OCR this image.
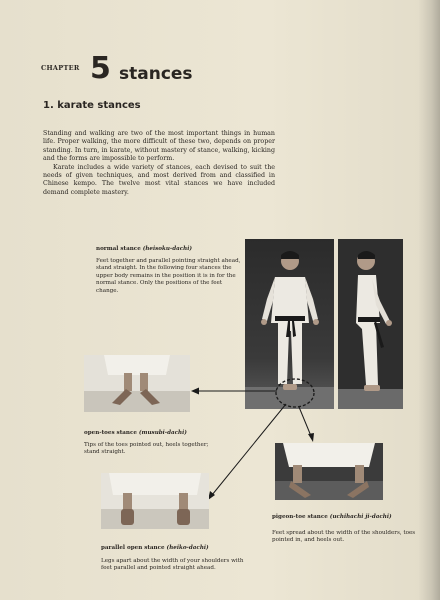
CHAPTER 5 stances
1. karate stances

Standing and walking are two of the most important things in human life. Proper walking, the more difficult of these two, depends on proper standing. In turn, in karate, without mastery of stance, walking, kicking and the forms are impossible to perform.

Karate includes a wide variety of stances, each devised to suit the needs of given techniques, and most derived from and classified in Chinese kempo. The twelve most vital stances we have included demand complete mastery.

normal stance (heisoku-dachi)
Feet together and parallel pointing straight ahead, stand straight. In the following four stances the upper body remains in the position it is in for the normal stance. Only the positions of the feet change.
open-toes stance (musubi-dachi)
Tips of the toes pointed out, heels together; stand straight.
pigeon-toe stance (uchihachi ji-dachi)
Feet spread about the width of the shoulders, toes pointed in, and heels out.
parallel open stance (heiko-dachi)
Legs apart about the width of your shoulders with feet parallel and pointed straight ahead.
